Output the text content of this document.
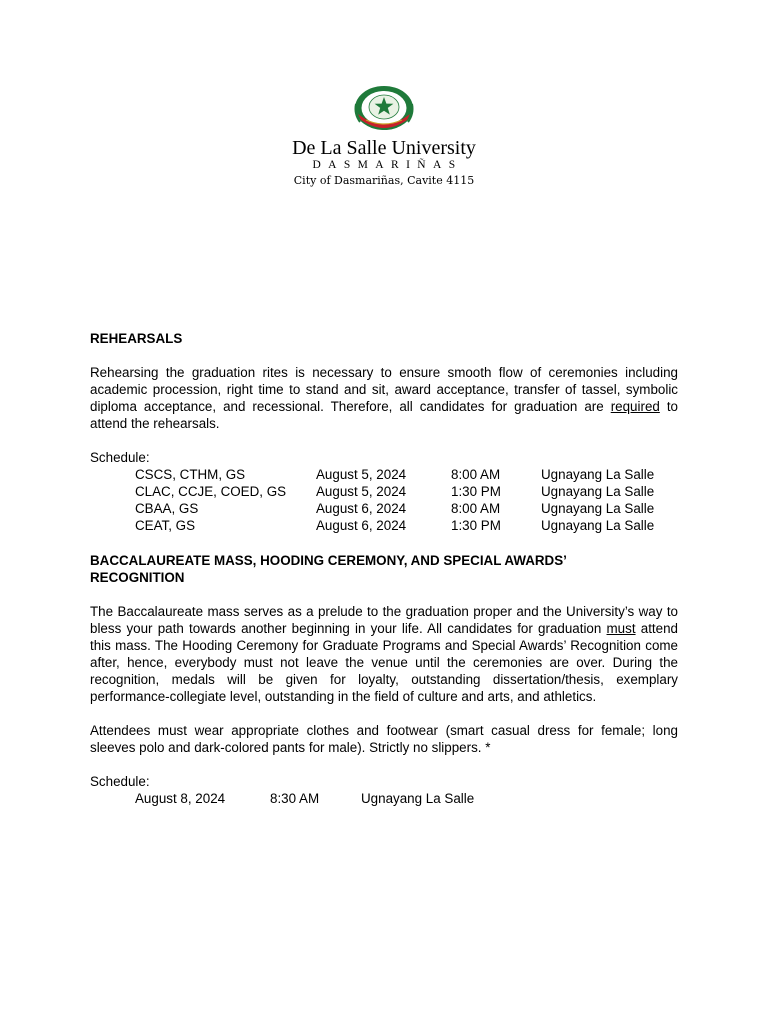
De La Salle University
DASMARIÑAS
City of Dasmariñas, Cavite 4115

REHEARSALS

Rehearsing the graduation rites is necessary to ensure smooth flow of ceremonies including academic procession, right time to stand and sit, award acceptance, transfer of tassel, symbolic diploma acceptance, and recessional. Therefore, all candidates for graduation are required to attend the rehearsals.

Schedule:

CSCS, CTHM, GS	August 5, 2024	8:00 AM	Ugnayang La Salle
CLAC, CCJE, COED, GS August 5, 2024	1:30 PM	Ugnayang La Salle
CBAA, GS	August 6, 2024	8:00 AM	Ugnayang La Salle
CEAT, GS	August 6, 2024	1:30 PM	Ugnayang La Salle

BACCALAUREATE MASS, HOODING CEREMONY, AND SPECIAL AWARDS’
RECOGNITION

The Baccalaureate mass serves as a prelude to the graduation proper and the University’s way to bless your path towards another beginning in your life. All candidates for graduation must attend this mass. The Hooding Ceremony for Graduate Programs and Special Awards’ Recognition come after, hence, everybody must not leave the venue until the ceremonies are over. During the recognition, medals will be given for loyalty, outstanding dissertation/thesis, exemplary performance-collegiate level, outstanding in the field of culture and arts, and athletics.

Attendees must wear appropriate clothes and footwear (smart casual dress for female; long sleeves polo and dark-colored pants for male). Strictly no slippers. *

Schedule:

August 8, 2024	8:30 AM	Ugnayang La Salle
